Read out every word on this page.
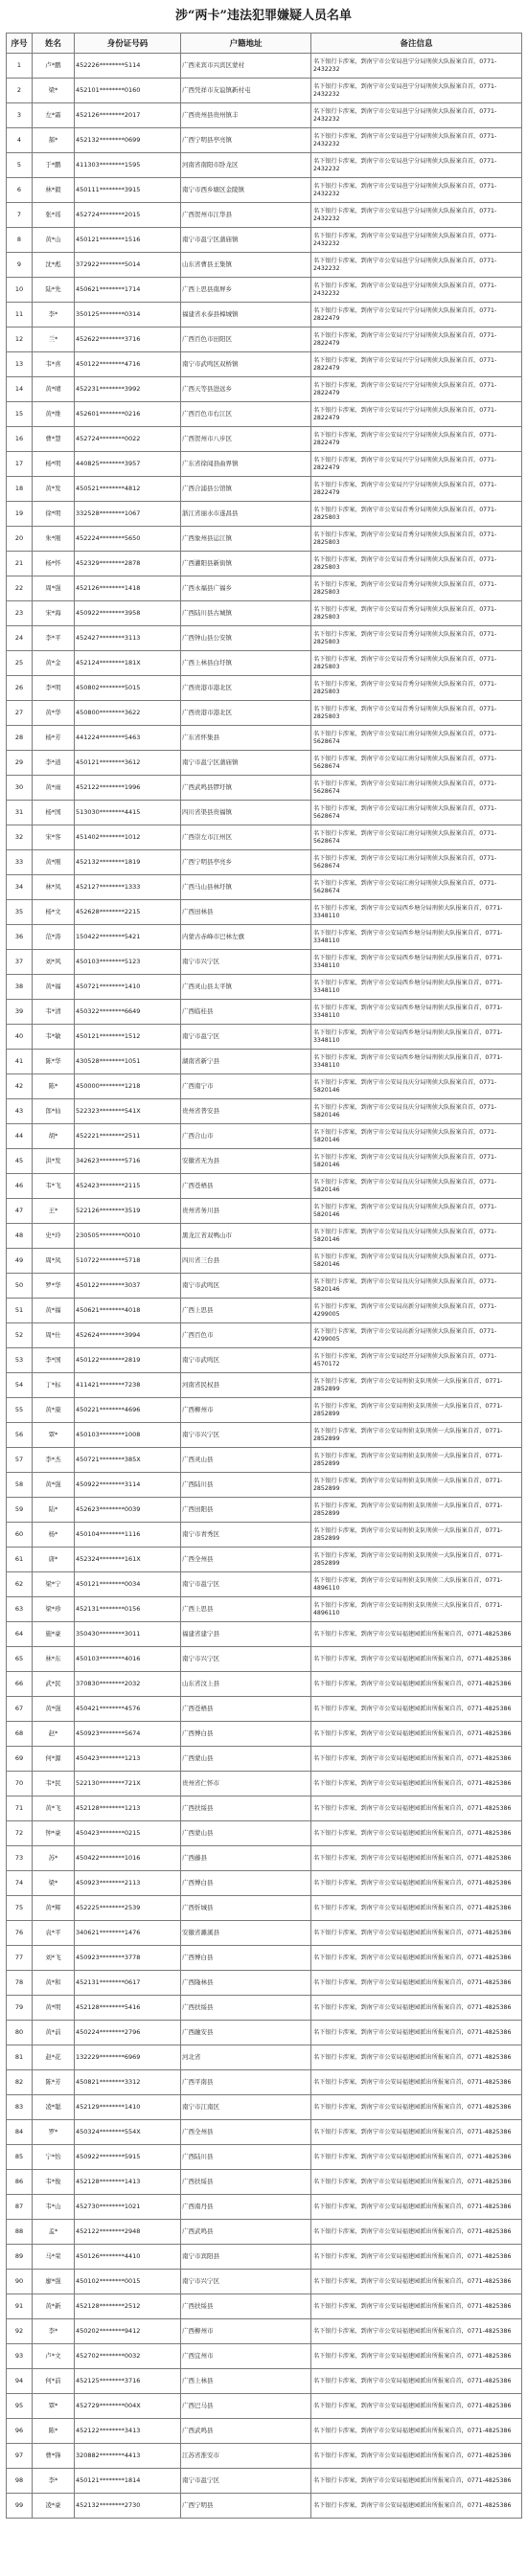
涉“两卡”违法犯罪嫌疑人员名单
序号	姓名	身份证号码	户籍地址	备注信息
1	卢*鹏	452226********5114	广西来宾市兴宾区蒙村	名下银行卡涉案，到南宁市公安局邕宁分局刑侦大队报案自首，0771-2432232
2	梁*	452101********0160	广西凭祥市友谊镇新村屯	名下银行卡涉案，到南宁市公安局邕宁分局刑侦大队报案自首，0771-2432232
3	左*霜	452126********2017	广西贵州县贵州镇丰	名下银行卡涉案，到南宁市公安局邕宁分局刑侦大队报案自首，0771-2432232
4	郝*	452132********0699	广西宁明县亭亮镇	名下银行卡涉案，到南宁市公安局邕宁分局刑侦大队报案自首，0771-2432232
5	于*鹏	411303********1595	河南省南阳市卧龙区	名下银行卡涉案，到南宁市公安局邕宁分局刑侦大队报案自首，0771-2432232
6	林*毅	450111********3915	南宁市西乡塘区金陵镇	名下银行卡涉案，到南宁市公安局邕宁分局刑侦大队报案自首，0771-2432232
7	张*瑶	452724********2015	广西贺州市江华县	名下银行卡涉案，到南宁市公安局邕宁分局刑侦大队报案自首，0771-2432232
8	黄*山	450121********1516	南宁市邕宁区蒲庙镇	名下银行卡涉案，到南宁市公安局邕宁分局刑侦大队报案自首，0771-2432232
9	沈*彪	372922********5014	山东省曹县王集镇	名下银行卡涉案，到南宁市公安局邕宁分局刑侦大队报案自首，0771-2432232
10	陆*先	450621********1714	广西上思县南屏乡	名下银行卡涉案，到南宁市公安局邕宁分局刑侦大队报案自首，0771-2432232
11	李*	350125********0314	福建省永泰县樟城镇	名下银行卡涉案，到南宁市公安局兴宁分局刑侦大队报案自首，0771-2822479
12	兰*	452622********3716	广西百色市田阳区	名下银行卡涉案，到南宁市公安局兴宁分局刑侦大队报案自首，0771-2822479
13	韦*喜	450122********4716	南宁市武鸣区双桥镇	名下银行卡涉案，到南宁市公安局兴宁分局刑侦大队报案自首，0771-2822479
14	黄*晴	452231********3992	广西天等县进远乡	名下银行卡涉案，到南宁市公安局兴宁分局刑侦大队报案自首，0771-2822479
15	黄*维	452601********0216	广西百色市右江区	名下银行卡涉案，到南宁市公安局兴宁分局刑侦大队报案自首，0771-2822479
16	曹*慧	452724********0022	广西贺州市八步区	名下银行卡涉案，到南宁市公安局兴宁分局刑侦大队报案自首，0771-2822479
17	杨*明	440825********3957	广东省徐闻县曲界镇	名下银行卡涉案，到南宁市公安局兴宁分局刑侦大队报案自首，0771-2822479
18	黄*发	450521********4812	广西合浦县公馆镇	名下银行卡涉案，到南宁市公安局兴宁分局刑侦大队报案自首，0771-2822479
19	徐*明	332528********1067	浙江省丽水市遂昌县	名下银行卡涉案，到南宁市公安局青秀分局刑侦大队报案自首，0771-2825803
20	朱*刚	452224********5650	广西象州县运江镇	名下银行卡涉案，到南宁市公安局青秀分局刑侦大队报案自首，0771-2825803
21	杨*怀	452329********2878	广西灌阳县新街镇	名下银行卡涉案，到南宁市公安局青秀分局刑侦大队报案自首，0771-2825803
22	周*强	452126********1418	广西永福县广福乡	名下银行卡涉案，到南宁市公安局青秀分局刑侦大队报案自首，0771-2825803
23	宋*海	450922********3958	广西陆川县古城镇	名下银行卡涉案，到南宁市公安局青秀分局刑侦大队报案自首，0771-2825803
24	李*平	452427********3113	广西钟山县公安镇	名下银行卡涉案，到南宁市公安局青秀分局刑侦大队报案自首，0771-2825803
25	黄*金	452124********181X	广西上林县白圩镇	名下银行卡涉案，到南宁市公安局青秀分局刑侦大队报案自首，0771-2825803
26	李*明	450802********5015	广西贵港市港北区	名下银行卡涉案，到南宁市公安局青秀分局刑侦大队报案自首，0771-2825803
27	黄*华	450800********3622	广西贵港市港北区	名下银行卡涉案，到南宁市公安局青秀分局刑侦大队报案自首，0771-2825803
28	杨*芳	441224********5463	广东省怀集县	名下银行卡涉案，到南宁市公安局江南分局刑侦大队报案自首，0771-5628674
29	李*道	450121********3612	南宁市邕宁区蒲庙镇	名下银行卡涉案，到南宁市公安局江南分局刑侦大队报案自首，0771-5628674
30	黄*雨	452122********1996	广西武鸣县锣圩镇	名下银行卡涉案，到南宁市公安局江南分局刑侦大队报案自首，0771-5628674
31	杨*国	513030********4415	四川省渠县贵福镇	名下银行卡涉案，到南宁市公安局江南分局刑侦大队报案自首，0771-5628674
32	宋*客	451402********1012	广西崇左市江州区	名下银行卡涉案，到南宁市公安局江南分局刑侦大队报案自首，0771-5628674
33	黄*刚	452132********1819	广西宁明县亭亮乡	名下银行卡涉案，到南宁市公安局江南分局刑侦大队报案自首，0771-5628674
34	林*凤	452127********1333	广西马山县林圩镇	名下银行卡涉案，到南宁市公安局江南分局刑侦大队报案自首，0771-5628674
35	杨*文	452628********2215	广西田林县	名下银行卡涉案，到南宁市公安局西乡塘分局刑侦大队报案自首，0771-3348110
36	范*涛	150422********5421	内蒙古赤峰市巴林左旗	名下银行卡涉案，到南宁市公安局西乡塘分局刑侦大队报案自首，0771-3348110
37	刘*风	450103********5123	南宁市兴宁区	名下银行卡涉案，到南宁市公安局西乡塘分局刑侦大队报案自首，0771-3348110
38	黄*福	450721********1410	广西灵山县太平镇	名下银行卡涉案，到南宁市公安局西乡塘分局刑侦大队报案自首，0771-3348110
39	韦*清	450322********6649	广西临桂县	名下银行卡涉案，到南宁市公安局西乡塘分局刑侦大队报案自首，0771-3348110
40	韦*敏	450121********1512	南宁市邕宁区	名下银行卡涉案，到南宁市公安局西乡塘分局刑侦大队报案自首，0771-3348110
41	陈*华	430528********1051	湖南省新宁县	名下银行卡涉案，到南宁市公安局西乡塘分局刑侦大队报案自首，0771-3348110
42	陈*	450000********1218	广西南宁市	名下银行卡涉案，到南宁市公安局良庆分局刑侦大队报案自首，0771-5820146
43	郎*仙	522323********541X	贵州省普安县	名下银行卡涉案，到南宁市公安局良庆分局刑侦大队报案自首，0771-5820146
44	胡*	452221********2511	广西合山市	名下银行卡涉案，到南宁市公安局良庆分局刑侦大队报案自首，0771-5820146
45	洪*发	342623********5716	安徽省无为县	名下银行卡涉案，到南宁市公安局良庆分局刑侦大队报案自首，0771-5820146
46	韦*飞	452423********2115	广西苍梧县	名下银行卡涉案，到南宁市公安局良庆分局刑侦大队报案自首，0771-5820146
47	王*	522126********3519	贵州省务川县	名下银行卡涉案，到南宁市公安局良庆分局刑侦大队报案自首，0771-5820146
48	史*玲	230505********0010	黑龙江省双鸭山市	名下银行卡涉案，到南宁市公安局良庆分局刑侦大队报案自首，0771-5820146
49	周*凤	510722********5718	四川省三台县	名下银行卡涉案，到南宁市公安局良庆分局刑侦大队报案自首，0771-5820146
50	罗*华	450122********3037	南宁市武鸣区	名下银行卡涉案，到南宁市公安局良庆分局刑侦大队报案自首，0771-5820146
51	黄*福	450621********4018	广西上思县	名下银行卡涉案，到南宁市公安局高新分局刑侦大队报案自首，0771-4299005
52	周*仕	452624********3994	广西百色市	名下银行卡涉案，到南宁市公安局高新分局刑侦大队报案自首，0771-4299005
53	李*国	450122********2819	南宁市武鸣区	名下银行卡涉案，到南宁市公安局经开分局刑侦大队报案自首，0771-4570172
54	丁*标	411421********7238	河南省民权县	名下银行卡涉案，到南宁市公安局刑侦支队刑侦一大队报案自首，0771-2852899
55	黄*康	450221********4696	广西柳州市	名下银行卡涉案，到南宁市公安局刑侦支队刑侦一大队报案自首，0771-2852899
56	覃*	450103********1008	南宁市兴宁区	名下银行卡涉案，到南宁市公安局刑侦支队刑侦一大队报案自首，0771-2852899
57	李*杰	450721********385X	广西灵山县	名下银行卡涉案，到南宁市公安局刑侦支队刑侦一大队报案自首，0771-2852899
58	黄*强	450922********3114	广西陆川县	名下银行卡涉案，到南宁市公安局刑侦支队刑侦一大队报案自首，0771-2852899
59	陆*	452623********0039	广西田阳县	名下银行卡涉案，到南宁市公安局刑侦支队刑侦一大队报案自首，0771-2852899
60	杨*	450104********1116	南宁市青秀区	名下银行卡涉案，到南宁市公安局刑侦支队刑侦一大队报案自首，0771-2852899
61	唐*	452324********161X	广西全州县	名下银行卡涉案，到南宁市公安局刑侦支队刑侦一大队报案自首，0771-2852899
62	梁*宁	450121********0034	南宁市邕宁区	名下银行卡涉案，到南宁市公安局刑侦支队刑侦二大队报案自首，0771-4896110
63	梁*珍	452131********0156	广西上思县	名下银行卡涉案，到南宁市公安局刑侦支队刑侦三大队报案自首，0771-4896110
64	施*豪	350430********3011	福建省建宁县	名下银行卡涉案，到南宁市公安局福建园派出所报案自首，0771-4825386
65	林*东	450103********4016	南宁市兴宁区	名下银行卡涉案，到南宁市公安局福建园派出所报案自首，0771-4825386
66	武*民	370830********2032	山东省汶上县	名下银行卡涉案，到南宁市公安局福建园派出所报案自首，0771-4825386
67	黄*强	450421********4576	广西苍梧县	名下银行卡涉案，到南宁市公安局福建园派出所报案自首，0771-4825386
68	赵*	450923********5674	广西博白县	名下银行卡涉案，到南宁市公安局福建园派出所报案自首，0771-4825386
69	何*源	450423********1213	广西蒙山县	名下银行卡涉案，到南宁市公安局福建园派出所报案自首，0771-4825386
70	韦*民	522130********721X	贵州省仁怀市	名下银行卡涉案，到南宁市公安局福建园派出所报案自首，0771-4825386
71	黄*飞	452128********1213	广西扶绥县	名下银行卡涉案，到南宁市公安局福建园派出所报案自首，0771-4825386
72	钟*豪	450423********0215	广西蒙山县	名下银行卡涉案，到南宁市公安局福建园派出所报案自首，0771-4825386
73	苏*	450422********1016	广西藤县	名下银行卡涉案，到南宁市公安局福建园派出所报案自首，0771-4825386
74	梁*	450923********2113	广西博白县	名下银行卡涉案，到南宁市公安局福建园派出所报案自首，0771-4825386
75	黄*辉	452225********2539	广西忻城县	名下银行卡涉案，到南宁市公安局福建园派出所报案自首，0771-4825386
76	袁*平	340621********1476	安徽省濉溪县	名下银行卡涉案，到南宁市公安局福建园派出所报案自首，0771-4825386
77	刘*飞	450923********3778	广西博白县	名下银行卡涉案，到南宁市公安局福建园派出所报案自首，0771-4825386
78	黄*和	452131********0617	广西隆林县	名下银行卡涉案，到南宁市公安局福建园派出所报案自首，0771-4825386
79	黄*明	452128********5416	广西扶绥县	名下银行卡涉案，到南宁市公安局福建园派出所报案自首，0771-4825386
80	黄*前	450224********2796	广西融安县	名下银行卡涉案，到南宁市公安局福建园派出所报案自首，0771-4825386
81	赵*花	132229********6969	河北省	名下银行卡涉案，到南宁市公安局福建园派出所报案自首，0771-4825386
82	陈*芳	450821********3312	广西平南县	名下银行卡涉案，到南宁市公安局福建园派出所报案自首，0771-4825386
83	凌*聪	452129********1410	南宁市江南区	名下银行卡涉案，到南宁市公安局福建园派出所报案自首，0771-4825386
84	罗*	450324********554X	广西全州县	名下银行卡涉案，到南宁市公安局福建园派出所报案自首，0771-4825386
85	宁*怡	450922********5915	广西陆川县	名下银行卡涉案，到南宁市公安局福建园派出所报案自首，0771-4825386
86	韦*俊	452128********1413	广西扶绥县	名下银行卡涉案，到南宁市公安局福建园派出所报案自首，0771-4825386
87	韦*山	452730********1021	广西南丹县	名下银行卡涉案，到南宁市公安局福建园派出所报案自首，0771-4825386
88	孟*	452122********2948	广西武鸣县	名下银行卡涉案，到南宁市公安局福建园派出所报案自首，0771-4825386
89	马*荣	450126********4410	南宁市宾阳县	名下银行卡涉案，到南宁市公安局福建园派出所报案自首，0771-4825386
90	廖*强	450102********0015	南宁市兴宁区	名下银行卡涉案，到南宁市公安局福建园派出所报案自首，0771-4825386
91	黄*新	452128********2512	广西扶绥县	名下银行卡涉案，到南宁市公安局福建园派出所报案自首，0771-4825386
92	李*	450202********9412	广西柳州市	名下银行卡涉案，到南宁市公安局福建园派出所报案自首，0771-4825386
93	卢*文	452702********0032	广西宜州市	名下银行卡涉案，到南宁市公安局福建园派出所报案自首，0771-4825386
94	何*前	452125********3716	广西上林县	名下银行卡涉案，到南宁市公安局福建园派出所报案自首，0771-4825386
95	覃*	452729********004X	广西巴马县	名下银行卡涉案，到南宁市公安局福建园派出所报案自首，0771-4825386
96	陈*	452122********3413	广西武鸣县	名下银行卡涉案，到南宁市公安局福建园派出所报案自首，0771-4825386
97	曹*锋	320882********4413	江苏省淮安市	名下银行卡涉案，到南宁市公安局福建园派出所报案自首，0771-4825386
98	李*	450121********1814	南宁市邕宁区	名下银行卡涉案，到南宁市公安局福建园派出所报案自首，0771-4825386
99	凌*豪	452132********2730	广西宁明县	名下银行卡涉案，到南宁市公安局福建园派出所报案自首，0771-4825386
